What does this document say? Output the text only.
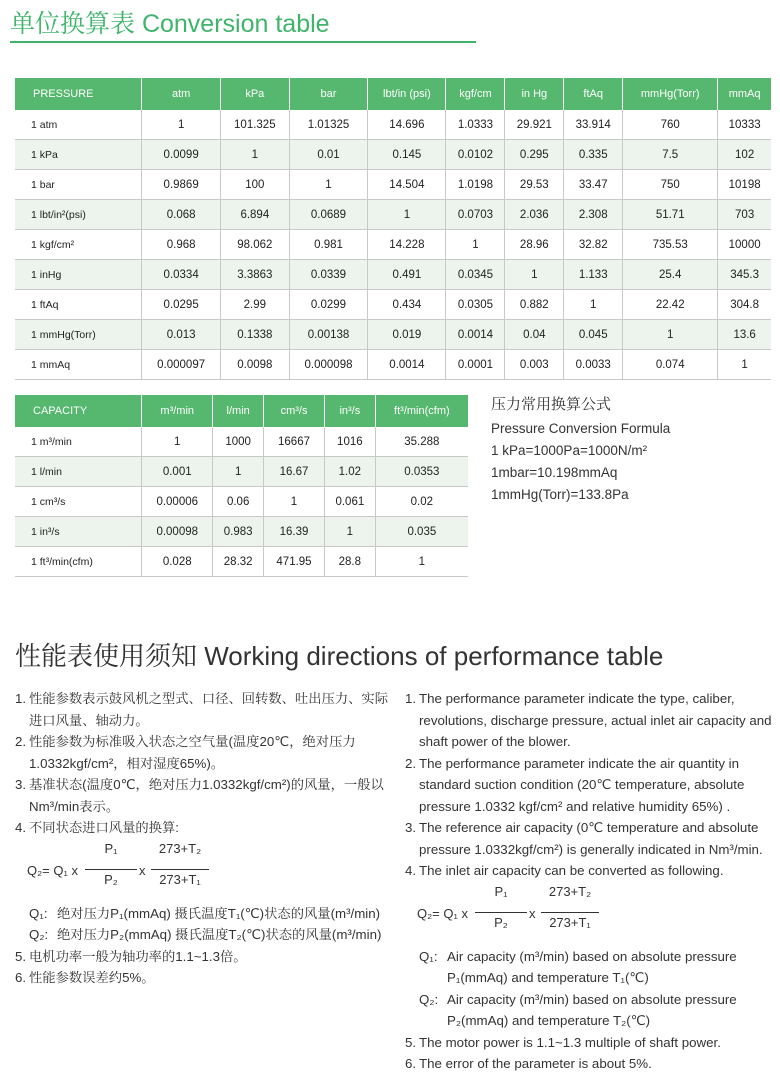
单位换算表 Conversion table
PRESSURE	atm	kPa	bar	lbt/in (psi)	kgf/cm	in Hg	ftAq	mmHg(Torr)	mmAq
1 atm	1	101.325	1.01325	14.696	1.0333	29.921	33.914	760	10333
1 kPa	0.0099	1	0.01	0.145	0.0102	0.295	0.335	7.5	102
1 bar	0.9869	100	1	14.504	1.0198	29.53	33.47	750	10198
1 lbt/in²(psi)	0.068	6.894	0.0689	1	0.0703	2.036	2.308	51.71	703
1 kgf/cm²	0.968	98.062	0.981	14.228	1	28.96	32.82	735.53	10000
1 inHg	0.0334	3.3863	0.0339	0.491	0.0345	1	1.133	25.4	345.3
1 ftAq	0.0295	2.99	0.0299	0.434	0.0305	0.882	1	22.42	304.8
1 mmHg(Torr)	0.013	0.1338	0.00138	0.019	0.0014	0.04	0.045	1	13.6
1 mmAq	0.000097	0.0098	0.000098	0.0014	0.0001	0.003	0.0033	0.074	1
CAPACITY	m³/min	l/min	cm³/s	in³/s	ft³/min(cfm)
1 m³/min	1	1000	16667	1016	35.288
1 l/min	0.001	1	16.67	1.02	0.0353
1 cm³/s	0.00006	0.06	1	0.061	0.02
1 in³/s	0.00098	0.983	16.39	1	0.035
1 ft³/min(cfm)	0.028	28.32	471.95	28.8	1
压力常用换算公式
Pressure Conversion Formula
1 kPa=1000Pa=1000N/m²
1mbar=10.198mmAq
1mmHg(Torr)=133.8Pa
性能表使用须知 Working directions of performance table

1. 性能参数表示鼓风机之型式、口径、回转数、吐出压力、实际进口风量、轴动力。

2. 性能参数为标准吸入状态之空气量(温度20℃，绝对压力1.0332kgf/cm²，相对湿度65%)。

3. 基准状态(温度0℃，绝对压力1.0332kgf/cm²)的风量，一般以Nm³/min表示。

4. 不同状态进口风量的换算:

Q₂= Q₁ x
P₁
P₂
x
273+T₂
273+T₁
Q₁: 绝对压力P₁(mmAq) 摄氏温度T₁(℃)状态的风量(m³/min)
Q₂: 绝对压力P₂(mmAq) 摄氏温度T₂(℃)状态的风量(m³/min)

5. 电机功率一般为轴功率的1.1~1.3倍。

6. 性能参数误差约5%。

1. The performance parameter indicate the type, caliber, revolutions, discharge pressure, actual inlet air capacity and shaft power of the blower.

2. The performance parameter indicate the air quantity in standard suction condition (20℃ temperature, absolute pressure 1.0332 kgf/cm² and relative humidity 65%) .

3. The reference air capacity (0℃ temperature and absolute pressure 1.0332kgf/cm²) is generally indicated in Nm³/min.

4. The inlet air capacity can be converted as following.

Q₂= Q₁ x
P₁
P₂
x
273+T₂
273+T₁
Q₁: Air capacity (m³/min) based on absolute pressure P₁(mmAq) and temperature T₁(℃)
Q₂: Air capacity (m³/min) based on absolute pressure P₂(mmAq) and temperature T₂(℃)

5. The motor power is 1.1~1.3 multiple of shaft power.

6. The error of the parameter is about 5%.
